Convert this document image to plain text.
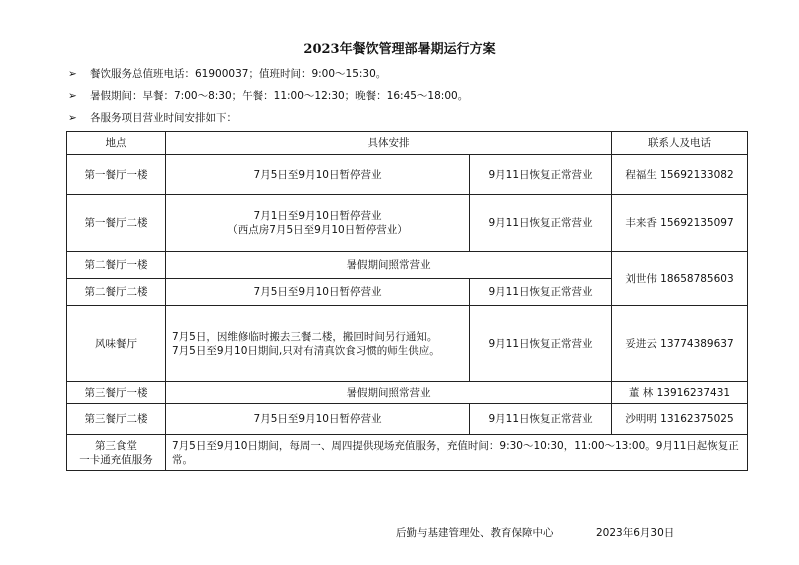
2023年餐饮管理部暑期运行方案
➢ 餐饮服务总值班电话：61900037；值班时间：9:00～15:30。
➢ 暑假期间：早餐：7:00～8:30；午餐：11:00～12:30；晚餐：16:45～18:00。
➢ 各服务项目营业时间安排如下：
地点	具体安排		联系人及电话
第一餐厅一楼	7月5日至9月10日暂停营业	9月11日恢复正常营业	程福生 15692133082
第一餐厅二楼	7月1日至9月10日暂停营业
（西点房7月5日至9月10日暂停营业）	9月11日恢复正常营业	丰来香 15692135097
第二餐厅一楼	暑假期间照常营业		刘世伟 18658785603
第二餐厅二楼	7月5日至9月10日暂停营业	9月11日恢复正常营业	
风味餐厅	7月5日，因维修临时搬去三餐二楼，搬回时间另行通知。
7月5日至9月10日期间,只对有清真饮食习惯的师生供应。	9月11日恢复正常营业	妥进云 13774389637
第三餐厅一楼	暑假期间照常营业		董 林 13916237431
第三餐厅二楼	7月5日至9月10日暂停营业	9月11日恢复正常营业	沙明明 13162375025

第三食堂
一卡通充值服务	7月5日至9月10日期间，每周一、周四提供现场充值服务，充值时间：9:30～10:30，11:00～13:00。9月11日起恢复正常。		
后勤与基建管理处、教育保障中心	2023年6月30日
